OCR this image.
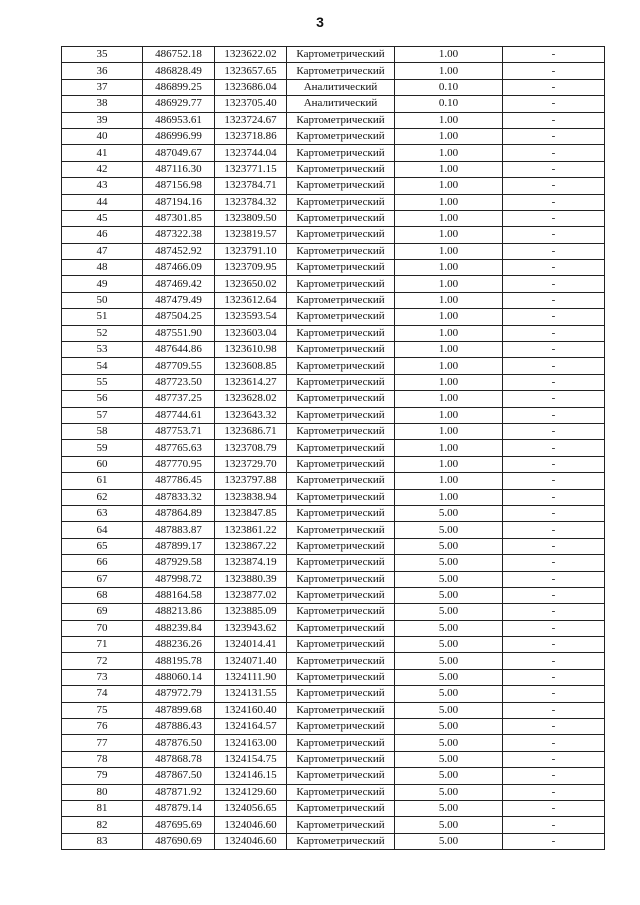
3
35	486752.18	1323622.02	Картометрический	1.00	-
36	486828.49	1323657.65	Картометрический	1.00	-
37	486899.25	1323686.04	Аналитический	0.10	-
38	486929.77	1323705.40	Аналитический	0.10	-
39	486953.61	1323724.67	Картометрический	1.00	-
40	486996.99	1323718.86	Картометрический	1.00	-
41	487049.67	1323744.04	Картометрический	1.00	-
42	487116.30	1323771.15	Картометрический	1.00	-
43	487156.98	1323784.71	Картометрический	1.00	-
44	487194.16	1323784.32	Картометрический	1.00	-
45	487301.85	1323809.50	Картометрический	1.00	-
46	487322.38	1323819.57	Картометрический	1.00	-
47	487452.92	1323791.10	Картометрический	1.00	-
48	487466.09	1323709.95	Картометрический	1.00	-
49	487469.42	1323650.02	Картометрический	1.00	-
50	487479.49	1323612.64	Картометрический	1.00	-
51	487504.25	1323593.54	Картометрический	1.00	-
52	487551.90	1323603.04	Картометрический	1.00	-
53	487644.86	1323610.98	Картометрический	1.00	-
54	487709.55	1323608.85	Картометрический	1.00	-
55	487723.50	1323614.27	Картометрический	1.00	-
56	487737.25	1323628.02	Картометрический	1.00	-
57	487744.61	1323643.32	Картометрический	1.00	-
58	487753.71	1323686.71	Картометрический	1.00	-
59	487765.63	1323708.79	Картометрический	1.00	-
60	487770.95	1323729.70	Картометрический	1.00	-
61	487786.45	1323797.88	Картометрический	1.00	-
62	487833.32	1323838.94	Картометрический	1.00	-
63	487864.89	1323847.85	Картометрический	5.00	-
64	487883.87	1323861.22	Картометрический	5.00	-
65	487899.17	1323867.22	Картометрический	5.00	-
66	487929.58	1323874.19	Картометрический	5.00	-
67	487998.72	1323880.39	Картометрический	5.00	-
68	488164.58	1323877.02	Картометрический	5.00	-
69	488213.86	1323885.09	Картометрический	5.00	-
70	488239.84	1323943.62	Картометрический	5.00	-
71	488236.26	1324014.41	Картометрический	5.00	-
72	488195.78	1324071.40	Картометрический	5.00	-
73	488060.14	1324111.90	Картометрический	5.00	-
74	487972.79	1324131.55	Картометрический	5.00	-
75	487899.68	1324160.40	Картометрический	5.00	-
76	487886.43	1324164.57	Картометрический	5.00	-
77	487876.50	1324163.00	Картометрический	5.00	-
78	487868.78	1324154.75	Картометрический	5.00	-
79	487867.50	1324146.15	Картометрический	5.00	-
80	487871.92	1324129.60	Картометрический	5.00	-
81	487879.14	1324056.65	Картометрический	5.00	-
82	487695.69	1324046.60	Картометрический	5.00	-
83	487690.69	1324046.60	Картометрический	5.00	-
